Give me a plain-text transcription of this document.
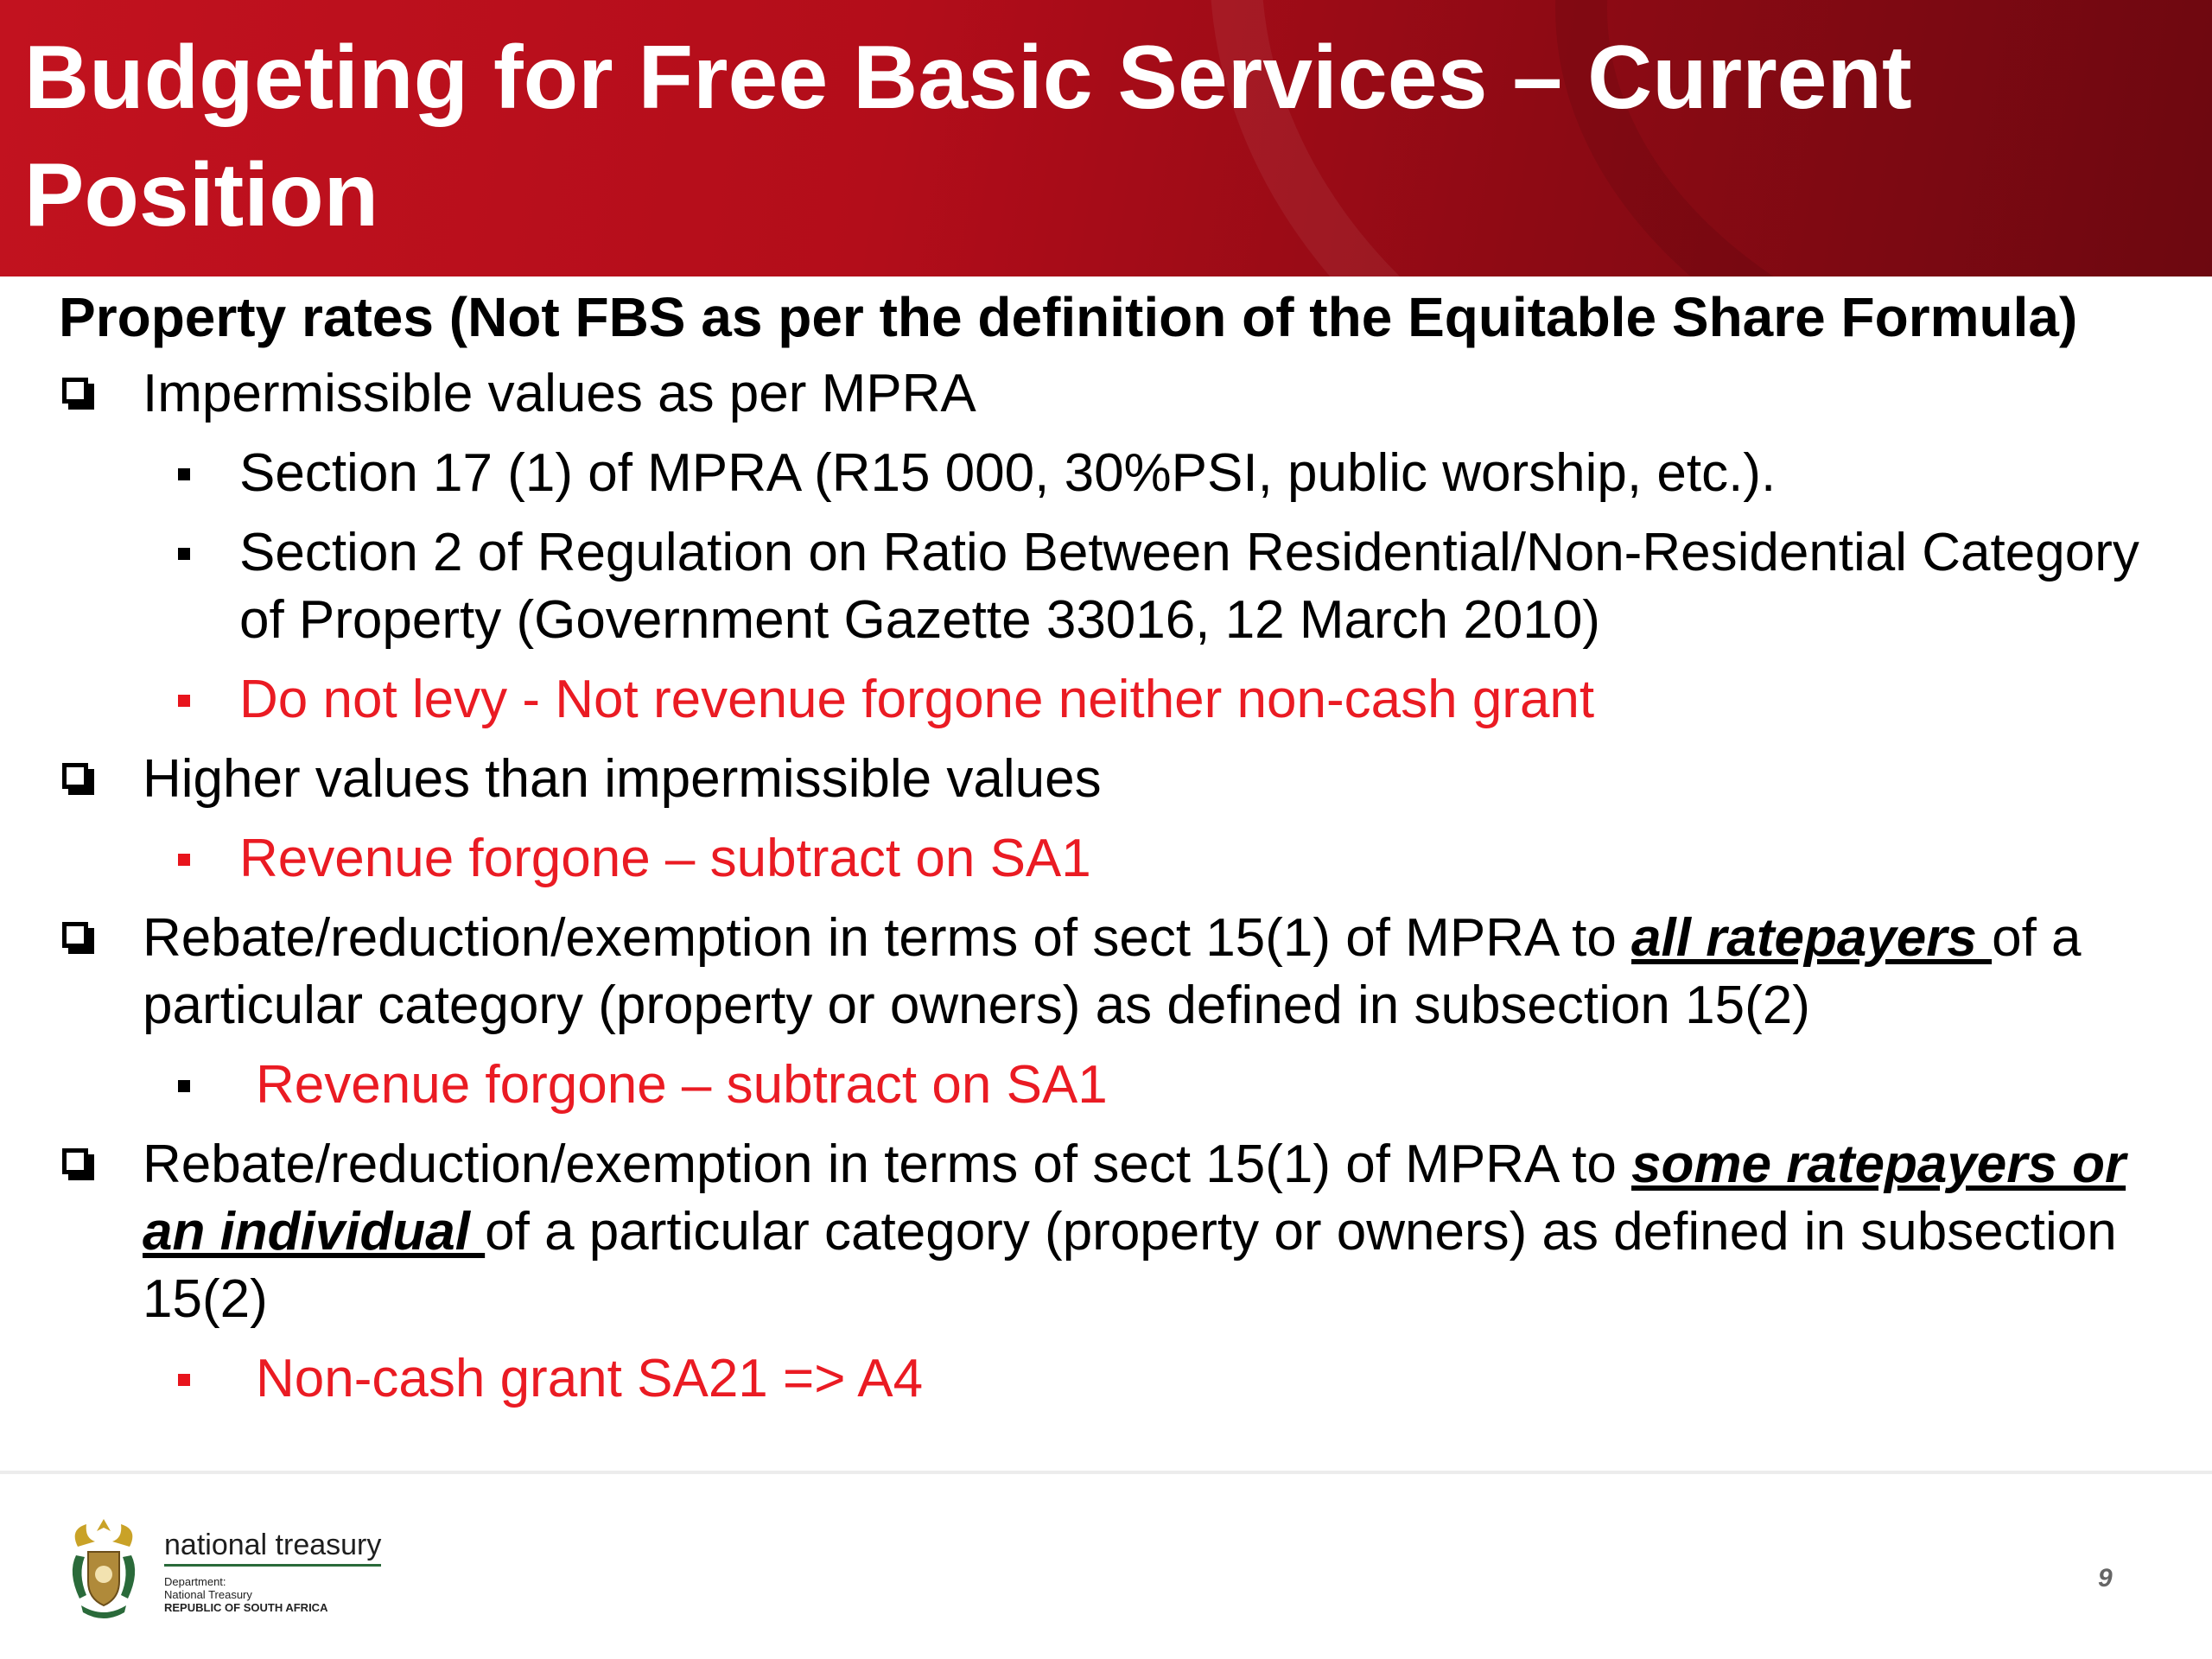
Budgeting for Free Basic Services – Current Position

Property rates (Not FBS as per the definition of the Equitable Share Formula)

Impermissible values as per MPRA
Section 17 (1) of MPRA (R15 000, 30%PSI, public worship, etc.).
Section 2 of Regulation on Ratio Between Residential/Non-Residential Category of Property (Government Gazette 33016, 12 March 2010)
Do not levy - Not revenue forgone neither non-cash grant
Higher values than impermissible values
Revenue forgone – subtract on SA1
Rebate/reduction/exemption in terms of sect 15(1) of MPRA to all ratepayers of a particular category (property or owners) as defined in subsection 15(2)
Revenue forgone – subtract on SA1
Rebate/reduction/exemption in terms of sect 15(1) of MPRA to some ratepayers or an individual of a particular category (property or owners) as defined in subsection 15(2)
Non-cash grant SA21 => A4
national treasury
Department:
National Treasury
REPUBLIC OF SOUTH AFRICA
9
